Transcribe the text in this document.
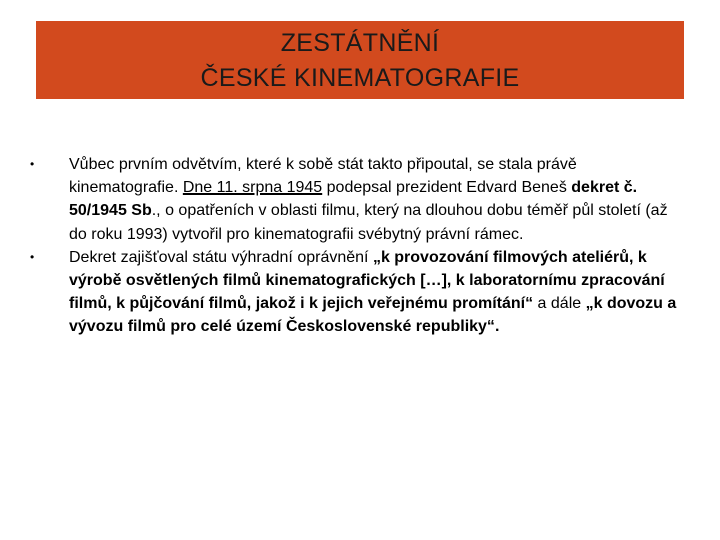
ZESTÁTNĚNÍ
ČESKÉ KINEMATOGRAFIE
•	Vůbec prvním odvětvím, které k sobě stát takto připoutal, se stala právě kinematografie. Dne 11. srpna 1945 podepsal prezident Edvard Beneš dekret č. 50/1945 Sb., o opatřeních v oblasti filmu, který na dlouhou dobu téměř půl století (až do roku 1993) vytvořil pro kinematografii svébytný právní rámec.
•	Dekret zajišťoval státu výhradní oprávnění „k provozování filmových ateliérů, k výrobě osvětlených filmů kinematografických […], k laboratornímu zpracování filmů, k půjčování filmů, jakož i k jejich veřejnému promítání“ a dále „k dovozu a vývozu filmů pro celé území Československé republiky“.
